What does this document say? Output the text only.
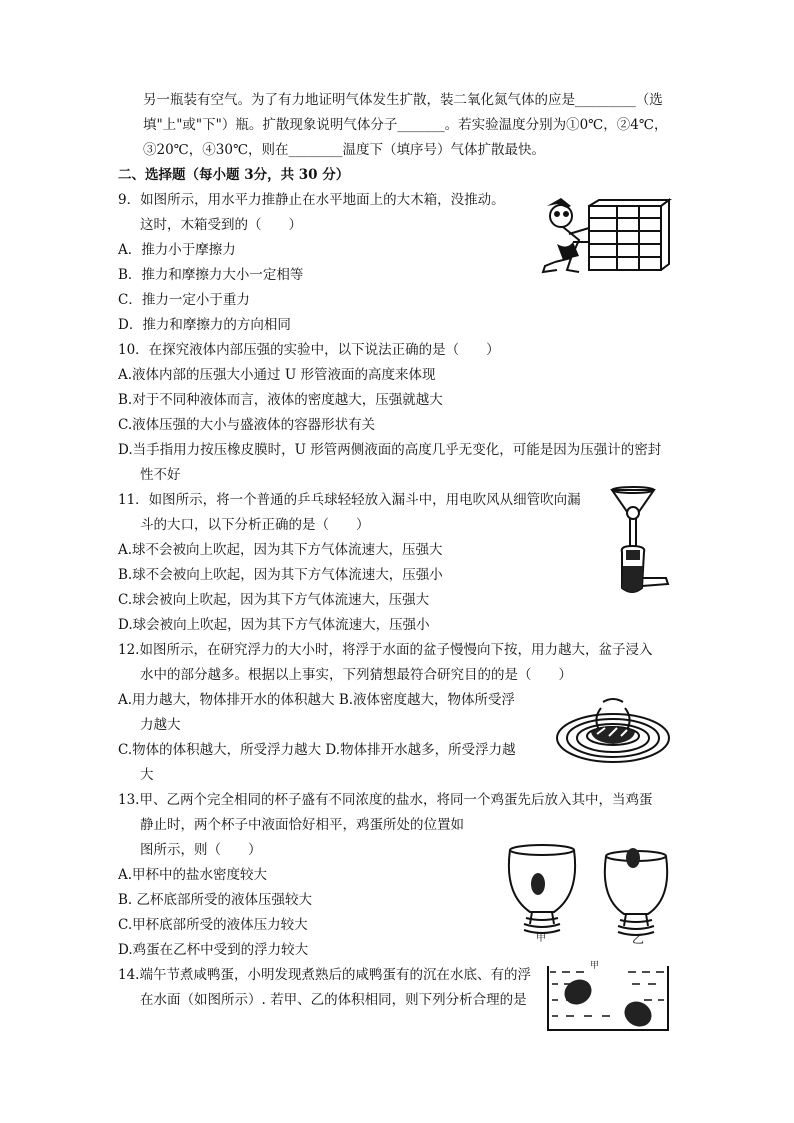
另一瓶装有空气。为了有力地证明气体发生扩散，装二氧化氮气体的应是_________（选
填"上"或"下"）瓶。扩散现象说明气体分子_______。若实验温度分别为①0℃，②4℃，
③20℃，④30℃，则在________温度下（填序号）气体扩散最快。
二、选择题（每小题 3分，共 30 分）
9．如图所示，用水平力推静止在水平地面上的大木箱，没推动。
这时，木箱受到的（　　）
A．推力小于摩擦力
B．推力和摩擦力大小一定相等
C．推力一定小于重力
D．推力和摩擦力的方向相同
10．在探究液体内部压强的实验中，以下说法正确的是（　　）
A.液体内部的压强大小通过 U 形管液面的高度来体现
B.对于不同种液体而言，液体的密度越大，压强就越大
C.液体压强的大小与盛液体的容器形状有关
D.当手指用力按压橡皮膜时，U 形管两侧液面的高度几乎无变化，可能是因为压强计的密封
性不好
11．如图所示，将一个普通的乒乓球轻轻放入漏斗中，用电吹风从细管吹向漏
斗的大口，以下分析正确的是（　　）
A.球不会被向上吹起，因为其下方气体流速大，压强大
B.球不会被向上吹起，因为其下方气体流速大，压强小
C.球会被向上吹起，因为其下方气体流速大，压强大
D.球会被向上吹起，因为其下方气体流速大，压强小
12.如图所示，在研究浮力的大小时，将浮于水面的盆子慢慢向下按，用力越大，盆子浸入
水中的部分越多。根据以上事实，下列猜想最符合研究目的的是（　　）
A.用力越大，物体排开水的体积越大 B.液体密度越大，物体所受浮
力越大
C.物体的体积越大，所受浮力越大 D.物体排开水越多，所受浮力越
大
13.甲、乙两个完全相同的杯子盛有不同浓度的盐水，将同一个鸡蛋先后放入其中，当鸡蛋
静止时，两个杯子中液面恰好相平，鸡蛋所处的位置如
图所示，则（　　）
A.甲杯中的盐水密度较大
B. 乙杯底部所受的液体压强较大
C.甲杯底部所受的液体压力较大
D.鸡蛋在乙杯中受到的浮力较大
14.端午节煮咸鸭蛋，小明发现煮熟后的咸鸭蛋有的沉在水底、有的浮
在水面（如图所示）. 若甲、乙的体积相同，则下列分析合理的是
甲	乙
甲
